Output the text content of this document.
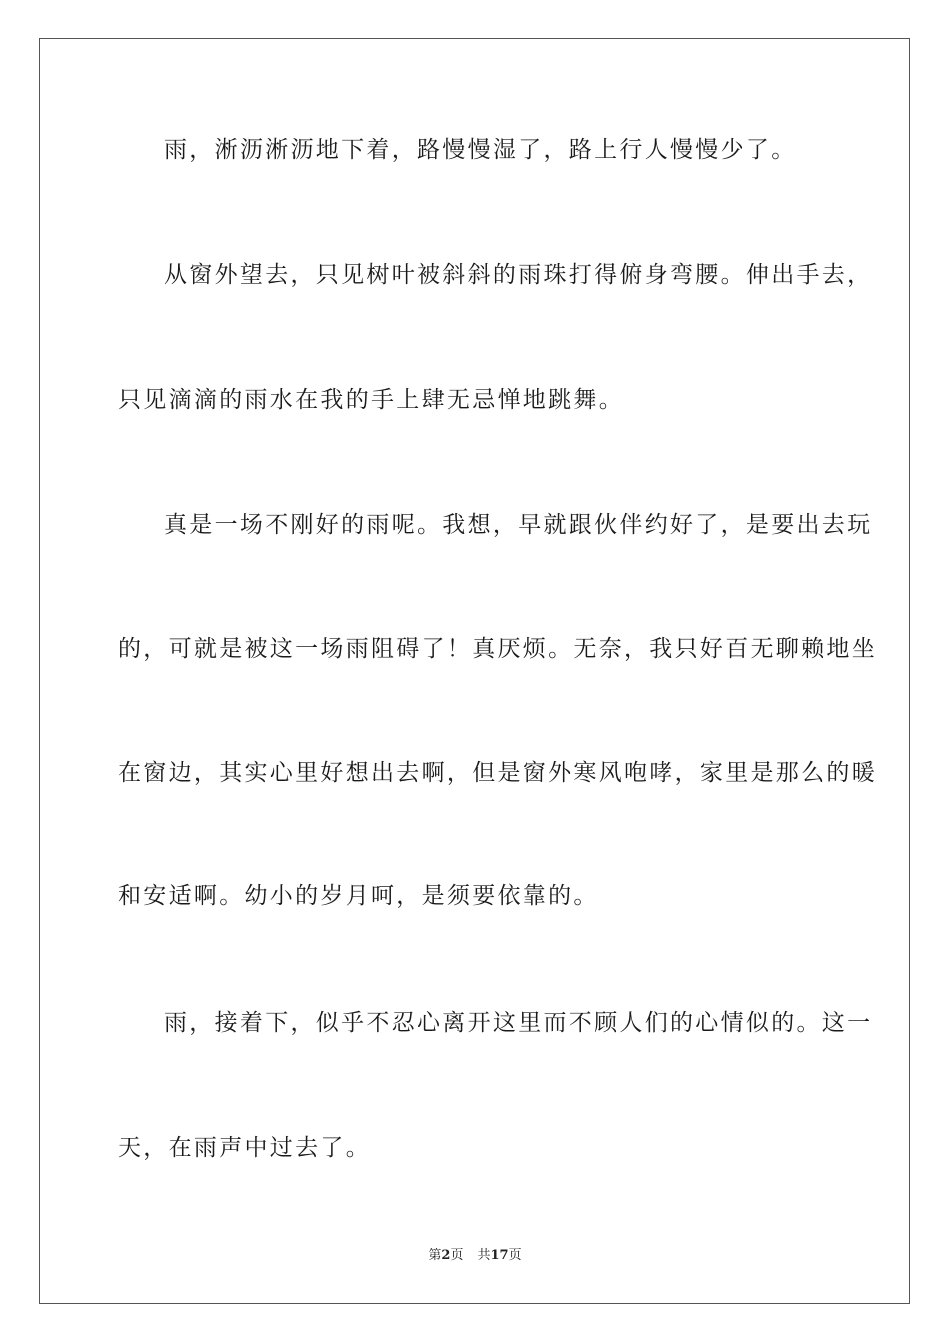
雨，淅沥淅沥地下着，路慢慢湿了，路上行人慢慢少了。
从窗外望去，只见树叶被斜斜的雨珠打得俯身弯腰。伸出手去，
只见滴滴的雨水在我的手上肆无忌惮地跳舞。
真是一场不刚好的雨呢。我想，早就跟伙伴约好了，是要出去玩
的，可就是被这一场雨阻碍了！真厌烦。无奈，我只好百无聊赖地坐
在窗边，其实心里好想出去啊，但是窗外寒风咆哮，家里是那么的暖
和安适啊。幼小的岁月呵，是须要依靠的。
雨，接着下，似乎不忍心离开这里而不顾人们的心情似的。这一
天，在雨声中过去了。
第2页 共17页
